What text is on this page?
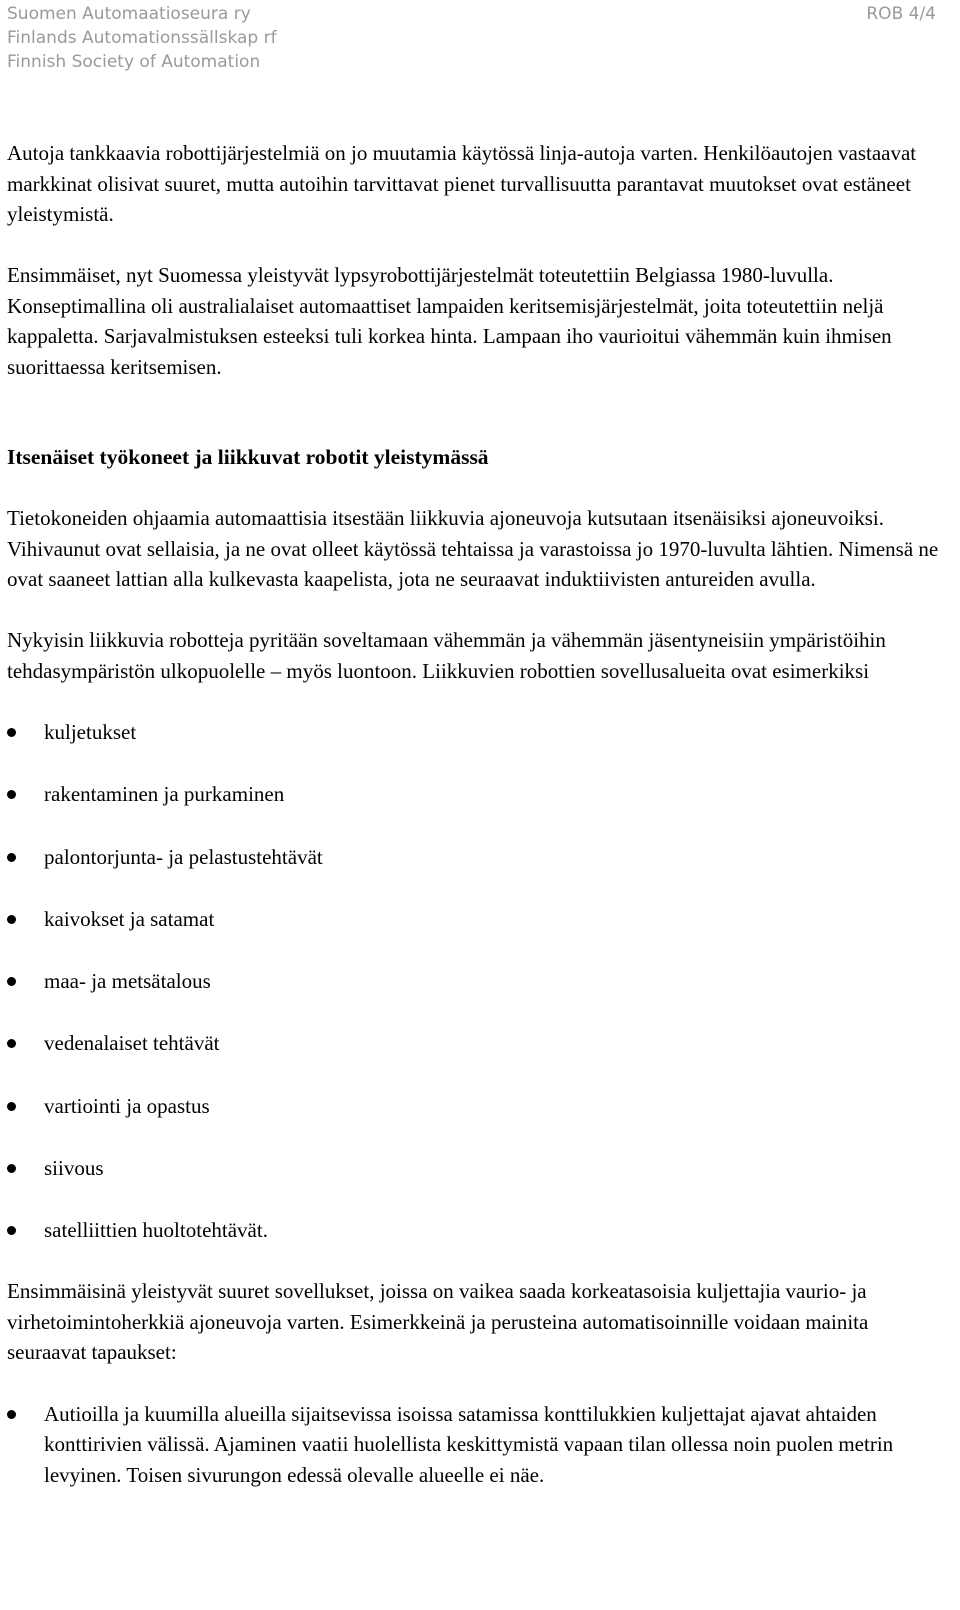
Suomen Automaatioseura ry
Finlands Automationssällskap rf
Finnish Society of Automation
ROB 4/4

Autoja tankkaavia robottijärjestelmiä on jo muutamia käytössä linja-autoja varten. Henkilöautojen vastaavat markkinat olisivat suuret, mutta autoihin tarvittavat pienet turvallisuutta parantavat muutokset ovat estäneet yleistymistä.

Ensimmäiset, nyt Suomessa yleistyvät lypsyrobottijärjestelmät toteutettiin Belgiassa 1980-luvulla. Konseptimallina oli australialaiset automaattiset lampaiden keritsemisjärjestelmät, joita toteutettiin neljä kappaletta. Sarjavalmistuksen esteeksi tuli korkea hinta. Lampaan iho vaurioitui vähemmän kuin ihmisen suorittaessa keritsemisen.

Itsenäiset työkoneet ja liikkuvat robotit yleistymässä

Tietokoneiden ohjaamia automaattisia itsestään liikkuvia ajoneuvoja kutsutaan itsenäisiksi ajoneuvoiksi. Vihivaunut ovat sellaisia, ja ne ovat olleet käytössä tehtaissa ja varastoissa jo 1970-luvulta lähtien. Nimensä ne ovat saaneet lattian alla kulkevasta kaapelista, jota ne seuraavat induktiivisten antureiden avulla.

Nykyisin liikkuvia robotteja pyritään soveltamaan vähemmän ja vähemmän jäsentyneisiin ympäristöihin tehdasympäristön ulkopuolelle – myös luontoon. Liikkuvien robottien sovellusalueita ovat esimerkiksi

kuljetukset
rakentaminen ja purkaminen
palontorjunta- ja pelastustehtävät
kaivokset ja satamat
maa- ja metsätalous
vedenalaiset tehtävät
vartiointi ja opastus
siivous
satelliittien huoltotehtävät.

Ensimmäisinä yleistyvät suuret sovellukset, joissa on vaikea saada korkeatasoisia kuljettajia vaurio- ja virhetoimintoherkkiä ajoneuvoja varten. Esimerkkeinä ja perusteina automatisoinnille voidaan mainita seuraavat tapaukset:

Autioilla ja kuumilla alueilla sijaitsevissa isoissa satamissa konttilukkien kuljettajat ajavat ahtaiden konttirivien välissä. Ajaminen vaatii huolellista keskittymistä vapaan tilan ollessa noin puolen metrin levyinen. Toisen sivurungon edessä olevalle alueelle ei näe.
